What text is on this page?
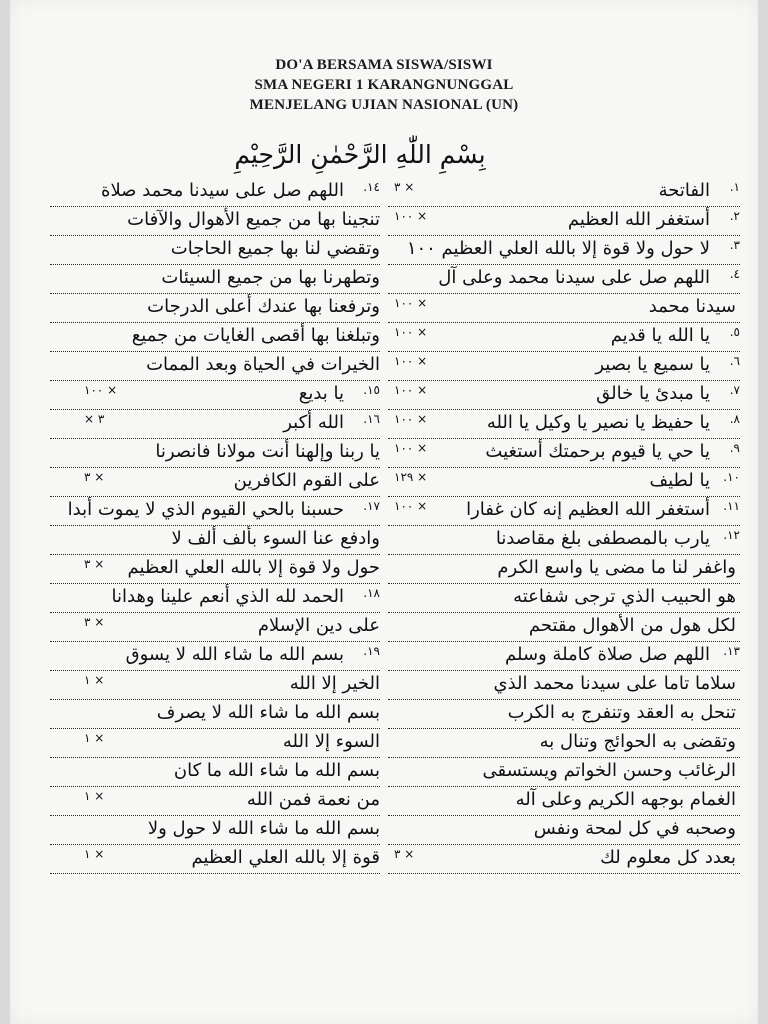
DO'A BERSAMA SISWA/SISWI
SMA NEGERI 1 KARANGNUNGGAL
MENJELANG UJIAN NASIONAL (UN)
بِسْمِ اللّٰهِ الرَّحْمٰنِ الرَّحِيْمِ
١.
الفاتحة
٣ ×
٢.
أستغفر الله العظيم
١٠٠ ×
٣.
لا حول ولا قوة إلا بالله العلي العظيم ١٠٠
٤.
اللهم صل على سيدنا محمد وعلى آل
سيدنا محمد
١٠٠ ×
٥.
يا الله يا قديم
١٠٠ ×
٦.
يا سميع يا بصير
١٠٠ ×
٧.
يا مبدئ يا خالق
١٠٠ ×
٨.
يا حفيظ يا نصير يا وكيل يا الله
١٠٠ ×
٩.
يا حي يا قيوم برحمتك أستغيث
١٠٠ ×
١٠.
يا لطيف
١٢٩ ×
١١.
أستغفر الله العظيم إنه كان غفارا
١٠٠ ×
١٢.
يارب بالمصطفى بلغ مقاصدنا
واغفر لنا ما مضى يا واسع الكرم
هو الحبيب الذي ترجى شفاعته
لكل هول من الأهوال مقتحم
١٣.
اللهم صل صلاة كاملة وسلم
سلاما تاما على سيدنا محمد الذي
تنحل به العقد وتنفرج به الكرب
وتقضى به الحوائج وتنال به
الرغائب وحسن الخواتم ويستسقى
الغمام بوجهه الكريم وعلى آله
وصحبه في كل لمحة ونفس
بعدد كل معلوم لك
٣ ×
١٤.
اللهم صل على سيدنا محمد صلاة
تنجينا بها من جميع الأهوال والآفات
وتقضي لنا بها جميع الحاجات
وتطهرنا بها من جميع السيئات
وترفعنا بها عندك أعلى الدرجات
وتبلغنا بها أقصى الغايات من جميع
الخيرات في الحياة وبعد الممات
١٥.
يا بديع
١٠٠ ×
١٦.
الله أكبر
× ٣
يا ربنا وإلهنا أنت مولانا فانصرنا
على القوم الكافرين
٣ ×
١٧.
حسبنا بالحي القيوم الذي لا يموت أبدا
وادفع عنا السوء بألف ألف لا
حول ولا قوة إلا بالله العلي العظيم
٣ ×
١٨.
الحمد لله الذي أنعم علينا وهدانا
على دين الإسلام
٣ ×
١٩.
بسم الله ما شاء الله لا يسوق
الخير إلا الله
١ ×
بسم الله ما شاء الله لا يصرف
السوء إلا الله
١ ×
بسم الله ما شاء الله ما كان
من نعمة فمن الله
١ ×
بسم الله ما شاء الله لا حول ولا
قوة إلا بالله العلي العظيم
١ ×
